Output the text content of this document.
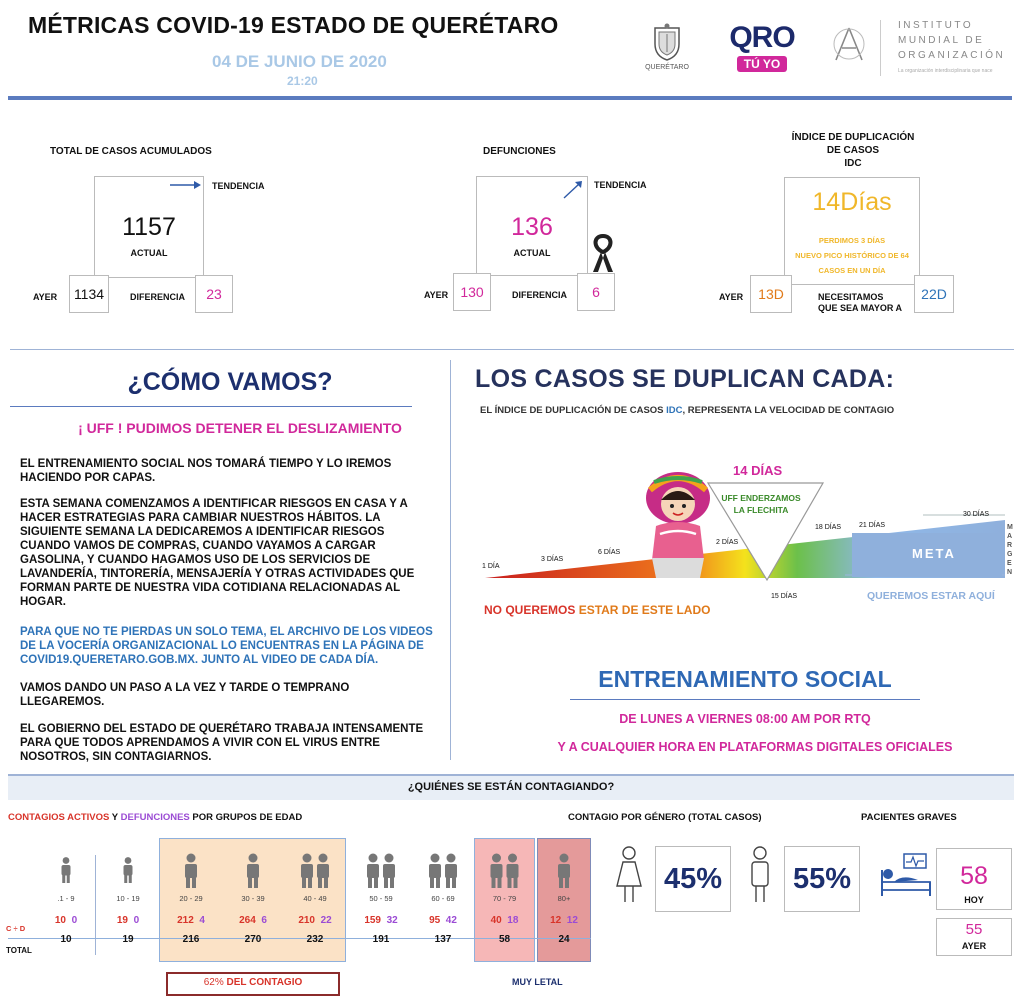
MÉTRICAS COVID-19 ESTADO DE QUERÉTARO
04 DE JUNIO DE 2020
21:20
QUERÉTARO
QRO
TÚ YO
INSTITUTO
MUNDIAL DE
ORGANIZACIÓN
La organización interdisciplinaria que nace
TOTAL DE CASOS ACUMULADOS
TENDENCIA
1157
ACTUAL
AYER	1134	DIFERENCIA	23
DEFUNCIONES
TENDENCIA
136
ACTUAL
AYER 130	DIFERENCIA	6
ÍNDICE DE DUPLICACIÓN
DE CASOS
IDC
14Días
PERDIMOS 3 DÍAS
NUEVO PICO HISTÓRICO DE 64
CASOS EN UN DÍA
AYER	13D	NECESITAMOS
QUE SEA MAYOR A
22D
¿CÓMO VAMOS?
¡ UFF ! PUDIMOS DETENER EL DESLIZAMIENTO
EL ENTRENAMIENTO SOCIAL NOS TOMARÁ TIEMPO Y LO IREMOS HACIENDO POR CAPAS.
ESTA SEMANA COMENZAMOS A IDENTIFICAR RIESGOS EN CASA Y A HACER ESTRATEGIAS PARA CAMBIAR NUESTROS HÁBITOS. LA SIGUIENTE SEMANA LA DEDICAREMOS A IDENTIFICAR RIESGOS CUANDO VAMOS DE COMPRAS, CUANDO VAYAMOS A CARGAR GASOLINA, Y CUANDO HAGAMOS USO DE LOS SERVICIOS DE LAVANDERÍA, TINTORERÍA, MENSAJERÍA Y OTRAS ACTIVIDADES QUE FORMAN PARTE DE NUESTRA VIDA COTIDIANA RELACIONADAS AL HOGAR.
PARA QUE NO TE PIERDAS UN SOLO TEMA, EL ARCHIVO DE LOS VIDEOS DE LA VOCERÍA ORGANIZACIONAL LO ENCUENTRAS EN LA PÁGINA DE COVID19.QUERETARO.GOB.MX. JUNTO AL VIDEO DE CADA DÍA.
VAMOS DANDO UN PASO A LA VEZ Y TARDE O TEMPRANO LLEGAREMOS.
EL GOBIERNO DEL ESTADO DE QUERÉTARO TRABAJA INTENSAMENTE PARA QUE TODOS APRENDAMOS A VIVIR CON EL VIRUS ENTRE NOSOTROS, SIN CONTAGIARNOS.
LOS CASOS SE DUPLICAN CADA:
EL ÍNDICE DE DUPLICACIÓN DE CASOS IDC, REPRESENTA LA VELOCIDAD DE CONTAGIO
META
MARGEN
14 DÍAS
UFF ENDERZAMOS
LA FLECHITA
1 DÍA
3 DÍAS
6 DÍAS
2 DÍAS
18 DÍAS	21 DÍAS
30 DÍAS
15 DÍAS
NO QUEREMOS ESTAR DE ESTE LADO
QUEREMOS ESTAR AQUÍ
ENTRENAMIENTO SOCIAL
DE LUNES A VIERNES 08:00 AM POR RTQ
Y A CUALQUIER HORA EN PLATAFORMAS DIGITALES OFICIALES
¿QUIÉNES SE ESTÁN CONTAGIANDO?
CONTAGIOS ACTIVOS Y DEFUNCIONES POR GRUPOS DE EDAD
C ÷ D
TOTAL
.1 - 9
10 0
10
10 - 19
19 0
19
20 - 29
212 4
216
30 - 39
264 6
270
40 - 49
210 22
232
50 - 59
159 32
191
60 - 69
95 42
137
70 - 79
40 18
58
80+
12 12
24
62% DEL CONTAGIO	MUY LETAL
CONTAGIO POR GÉNERO (TOTAL CASOS)
45%	55%
PACIENTES GRAVES
58
HOY
55
AYER
